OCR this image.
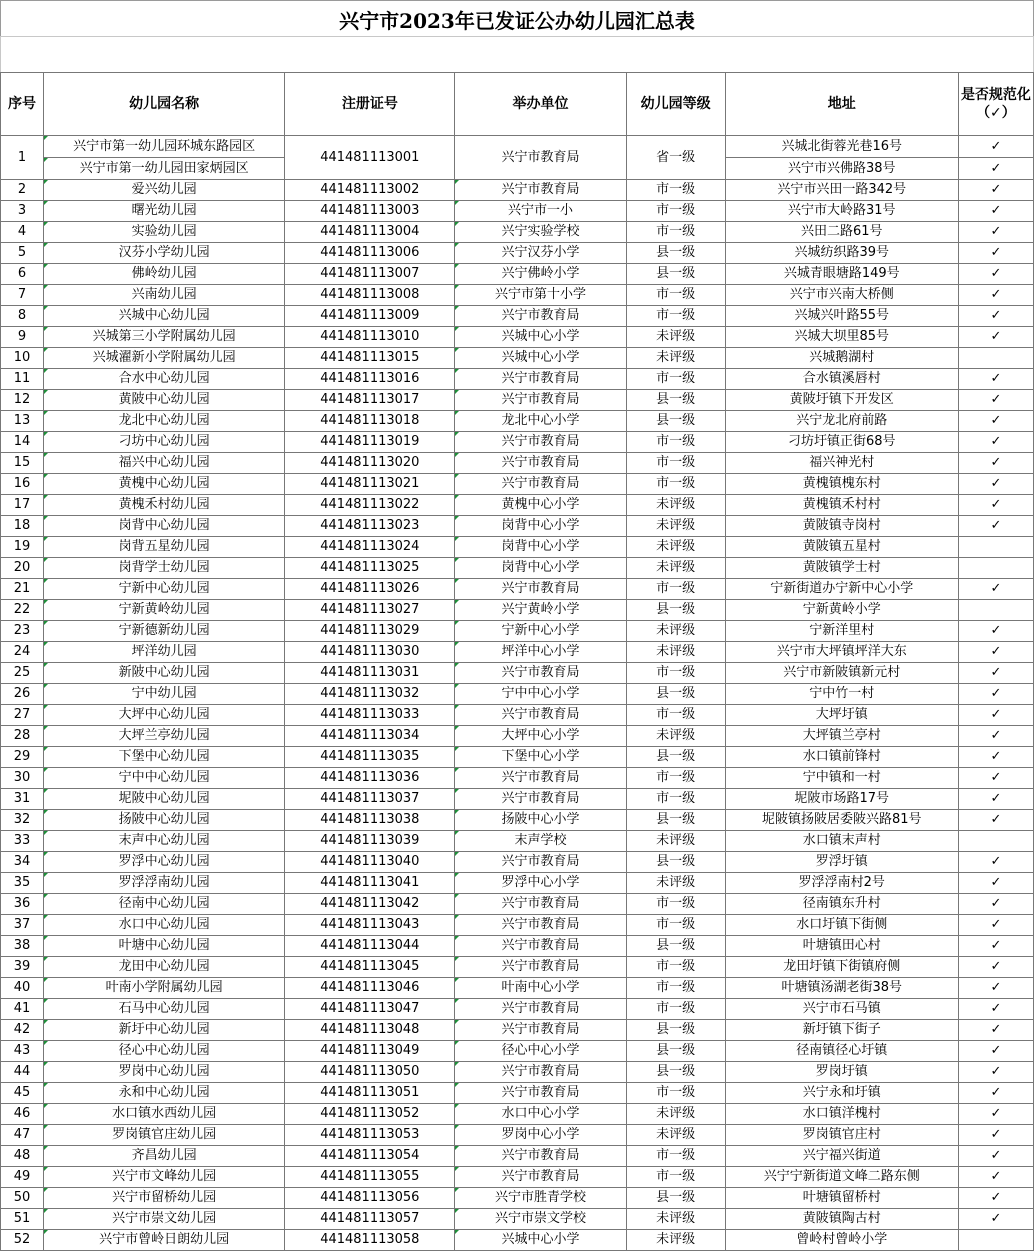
兴宁市2023年已发证公办幼儿园汇总表
序号	幼儿园名称	注册证号	举办单位	幼儿园等级	地址	是否规范化（✓）
1	兴宁市第一幼儿园环城东路园区	441481113001	兴宁市教育局	省一级	兴城北街蓉光巷16号	✓
	兴宁市第一幼儿园田家炳园区				兴宁市兴佛路38号	✓
2	爱兴幼儿园	441481113002	兴宁市教育局	市一级	兴宁市兴田一路342号	✓
3	曙光幼儿园	441481113003	兴宁市一小	市一级	兴宁市大岭路31号	✓
4	实验幼儿园	441481113004	兴宁实验学校	市一级	兴田二路61号	✓
5	汉芬小学幼儿园	441481113006	兴宁汉芬小学	县一级	兴城纺织路39号	✓
6	佛岭幼儿园	441481113007	兴宁佛岭小学	县一级	兴城青眼塘路149号	✓
7	兴南幼儿园	441481113008	兴宁市第十小学	市一级	兴宁市兴南大桥侧	✓
8	兴城中心幼儿园	441481113009	兴宁市教育局	市一级	兴城兴叶路55号	✓
9	兴城第三小学附属幼儿园	441481113010	兴城中心小学	未评级	兴城大坝里85号	✓
10	兴城濯新小学附属幼儿园	441481113015	兴城中心小学	未评级	兴城鹅湖村	
11	合水中心幼儿园	441481113016	兴宁市教育局	市一级	合水镇溪唇村	✓
12	黄陂中心幼儿园	441481113017	兴宁市教育局	县一级	黄陂圩镇下开发区	✓
13	龙北中心幼儿园	441481113018	龙北中心小学	县一级	兴宁龙北府前路	✓
14	刁坊中心幼儿园	441481113019	兴宁市教育局	市一级	刁坊圩镇正街68号	✓
15	福兴中心幼儿园	441481113020	兴宁市教育局	市一级	福兴神光村	✓
16	黄槐中心幼儿园	441481113021	兴宁市教育局	市一级	黄槐镇槐东村	✓
17	黄槐禾村幼儿园	441481113022	黄槐中心小学	未评级	黄槐镇禾村村	✓
18	岗背中心幼儿园	441481113023	岗背中心小学	未评级	黄陂镇寺岗村	✓
19	岗背五星幼儿园	441481113024	岗背中心小学	未评级	黄陂镇五星村	
20	岗背学士幼儿园	441481113025	岗背中心小学	未评级	黄陂镇学士村	
21	宁新中心幼儿园	441481113026	兴宁市教育局	市一级	宁新街道办宁新中心小学	✓
22	宁新黄岭幼儿园	441481113027	兴宁黄岭小学	县一级	宁新黄岭小学	
23	宁新德新幼儿园	441481113029	宁新中心小学	未评级	宁新洋里村	✓
24	坪洋幼儿园	441481113030	坪洋中心小学	未评级	兴宁市大坪镇坪洋大东	✓
25	新陂中心幼儿园	441481113031	兴宁市教育局	市一级	兴宁市新陂镇新元村	✓
26	宁中幼儿园	441481113032	宁中中心小学	县一级	宁中竹一村	✓
27	大坪中心幼儿园	441481113033	兴宁市教育局	市一级	大坪圩镇	✓
28	大坪兰亭幼儿园	441481113034	大坪中心小学	未评级	大坪镇兰亭村	✓
29	下堡中心幼儿园	441481113035	下堡中心小学	县一级	水口镇前锋村	✓
30	宁中中心幼儿园	441481113036	兴宁市教育局	市一级	宁中镇和一村	✓
31	坭陂中心幼儿园	441481113037	兴宁市教育局	市一级	坭陂市场路17号	✓
32	扬陂中心幼儿园	441481113038	扬陂中心小学	县一级	坭陂镇扬陂居委陂兴路81号	✓
33	末声中心幼儿园	441481113039	末声学校	未评级	水口镇末声村	
34	罗浮中心幼儿园	441481113040	兴宁市教育局	县一级	罗浮圩镇	✓
35	罗浮浮南幼儿园	441481113041	罗浮中心小学	未评级	罗浮浮南村2号	✓
36	径南中心幼儿园	441481113042	兴宁市教育局	市一级	径南镇东升村	✓
37	水口中心幼儿园	441481113043	兴宁市教育局	市一级	水口圩镇下街侧	✓
38	叶塘中心幼儿园	441481113044	兴宁市教育局	县一级	叶塘镇田心村	✓
39	龙田中心幼儿园	441481113045	兴宁市教育局	市一级	龙田圩镇下街镇府侧	✓
40	叶南小学附属幼儿园	441481113046	叶南中心小学	市一级	叶塘镇汤湖老街38号	✓
41	石马中心幼儿园	441481113047	兴宁市教育局	市一级	兴宁市石马镇	✓
42	新圩中心幼儿园	441481113048	兴宁市教育局	县一级	新圩镇下街子	✓
43	径心中心幼儿园	441481113049	径心中心小学	县一级	径南镇径心圩镇	✓
44	罗岗中心幼儿园	441481113050	兴宁市教育局	县一级	罗岗圩镇	✓
45	永和中心幼儿园	441481113051	兴宁市教育局	市一级	兴宁永和圩镇	✓
46	水口镇水西幼儿园	441481113052	水口中心小学	未评级	水口镇洋槐村	✓
47	罗岗镇官庄幼儿园	441481113053	罗岗中心小学	未评级	罗岗镇官庄村	✓
48	齐昌幼儿园	441481113054	兴宁市教育局	市一级	兴宁福兴街道	✓
49	兴宁市文峰幼儿园	441481113055	兴宁市教育局	市一级	兴宁宁新街道文峰二路东侧	✓
50	兴宁市留桥幼儿园	441481113056	兴宁市胜青学校	县一级	叶塘镇留桥村	✓
51	兴宁市崇文幼儿园	441481113057	兴宁市崇文学校	未评级	黄陂镇陶古村	✓
52	兴宁市曾岭日朗幼儿园	441481113058	兴城中心小学	未评级	曾岭村曾岭小学	
